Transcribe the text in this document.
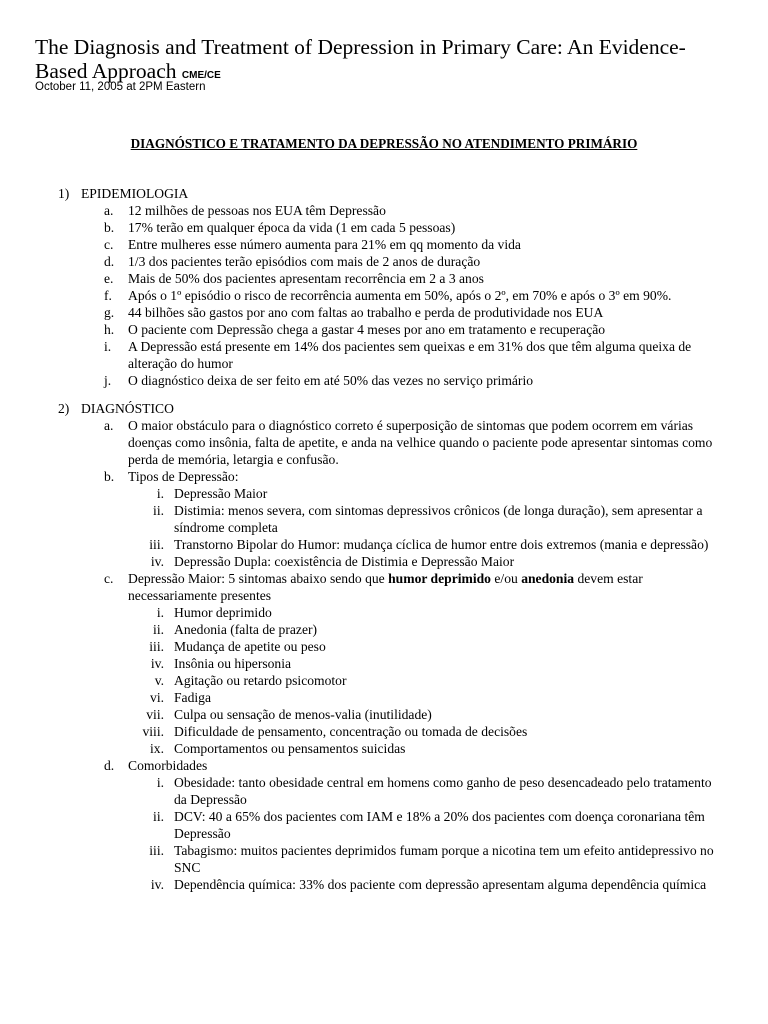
The Diagnosis and Treatment of Depression in Primary Care: An Evidence-Based Approach CME/CE
October 11, 2005 at 2PM Eastern
DIAGNÓSTICO E TRATAMENTO DA DEPRESSÃO NO ATENDIMENTO PRIMÁRIO
1) EPIDEMIOLOGIA
a.	12 milhões de pessoas nos EUA têm Depressão
b.	17% terão em qualquer época da vida (1 em cada 5 pessoas)
c.	Entre mulheres esse número aumenta para 21% em qq momento da vida
d.	1/3 dos pacientes terão episódios com mais de 2 anos de duração
e.	Mais de 50% dos pacientes apresentam recorrência em 2 a 3 anos
f.	Após o 1º episódio o risco de recorrência aumenta em 50%, após o 2º, em 70% e após o 3º em 90%.
g.	44 bilhões são gastos por ano com faltas ao trabalho e perda de produtividade nos EUA
h.	O paciente com Depressão chega a gastar 4 meses por ano em tratamento e recuperação
i.	A Depressão está presente em 14% dos pacientes sem queixas e em 31% dos que têm alguma queixa de alteração do humor
j.	O diagnóstico deixa de ser feito em até 50% das vezes no serviço primário
2) DIAGNÓSTICO
a.	O maior obstáculo para o diagnóstico correto é superposição de sintomas que podem ocorrem em várias doenças como insônia, falta de apetite, e anda na velhice quando o paciente pode apresentar sintomas como perda de memória, letargia e confusão.
b.	Tipos de Depressão:
i. Depressão Maior
ii. Distimia: menos severa, com sintomas depressivos crônicos (de longa duração), sem apresentar a síndrome completa
iii. Transtorno Bipolar do Humor: mudança cíclica de humor entre dois extremos (mania e depressão)
iv. Depressão Dupla: coexistência de Distimia e Depressão Maior
c.	Depressão Maior: 5 sintomas abaixo sendo que humor deprimido e/ou anedonia devem estar necessariamente presentes
i. Humor deprimido
ii. Anedonia (falta de prazer)
iii. Mudança de apetite ou peso
iv. Insônia ou hipersonia
v. Agitação ou retardo psicomotor
vi. Fadiga
vii. Culpa ou sensação de menos-valia (inutilidade)
viii. Dificuldade de pensamento, concentração ou tomada de decisões
ix. Comportamentos ou pensamentos suicidas
d.	Comorbidades
i. Obesidade: tanto obesidade central em homens como ganho de peso desencadeado pelo tratamento da Depressão
ii. DCV: 40 a 65% dos pacientes com IAM e 18% a 20% dos pacientes com doença coronariana têm Depressão
iii. Tabagismo: muitos pacientes deprimidos fumam porque a nicotina tem um efeito antidepressivo no SNC
iv. Dependência química: 33% dos paciente com depressão apresentam alguma dependência química
